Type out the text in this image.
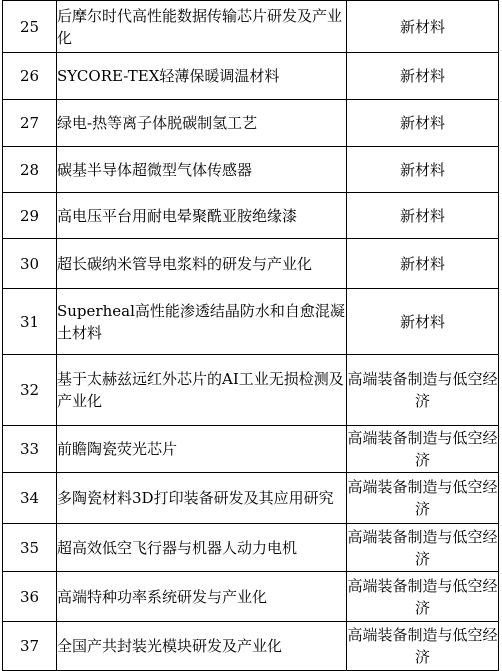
25	后摩尔时代高性能数据传输芯片研发及产业化	新材料
26	SYCORE-TEX轻薄保暖调温材料	新材料
27	绿电-热等离子体脱碳制氢工艺	新材料
28	碳基半导体超微型气体传感器	新材料
29	高电压平台用耐电晕聚酰亚胺绝缘漆	新材料
30	超长碳纳米管导电浆料的研发与产业化	新材料
31	Superheal高性能渗透结晶防水和自愈混凝土材料	新材料
32	基于太赫兹远红外芯片的AI工业无损检测及产业化	高端装备制造与低空经济
33	前瞻陶瓷荧光芯片	高端装备制造与低空经济
34	多陶瓷材料3D打印装备研发及其应用研究	高端装备制造与低空经济
35	超高效低空飞行器与机器人动力电机	高端装备制造与低空经济
36	高端特种功率系统研发与产业化	高端装备制造与低空经济
37	全国产共封装光模块研发及产业化	高端装备制造与低空经济
